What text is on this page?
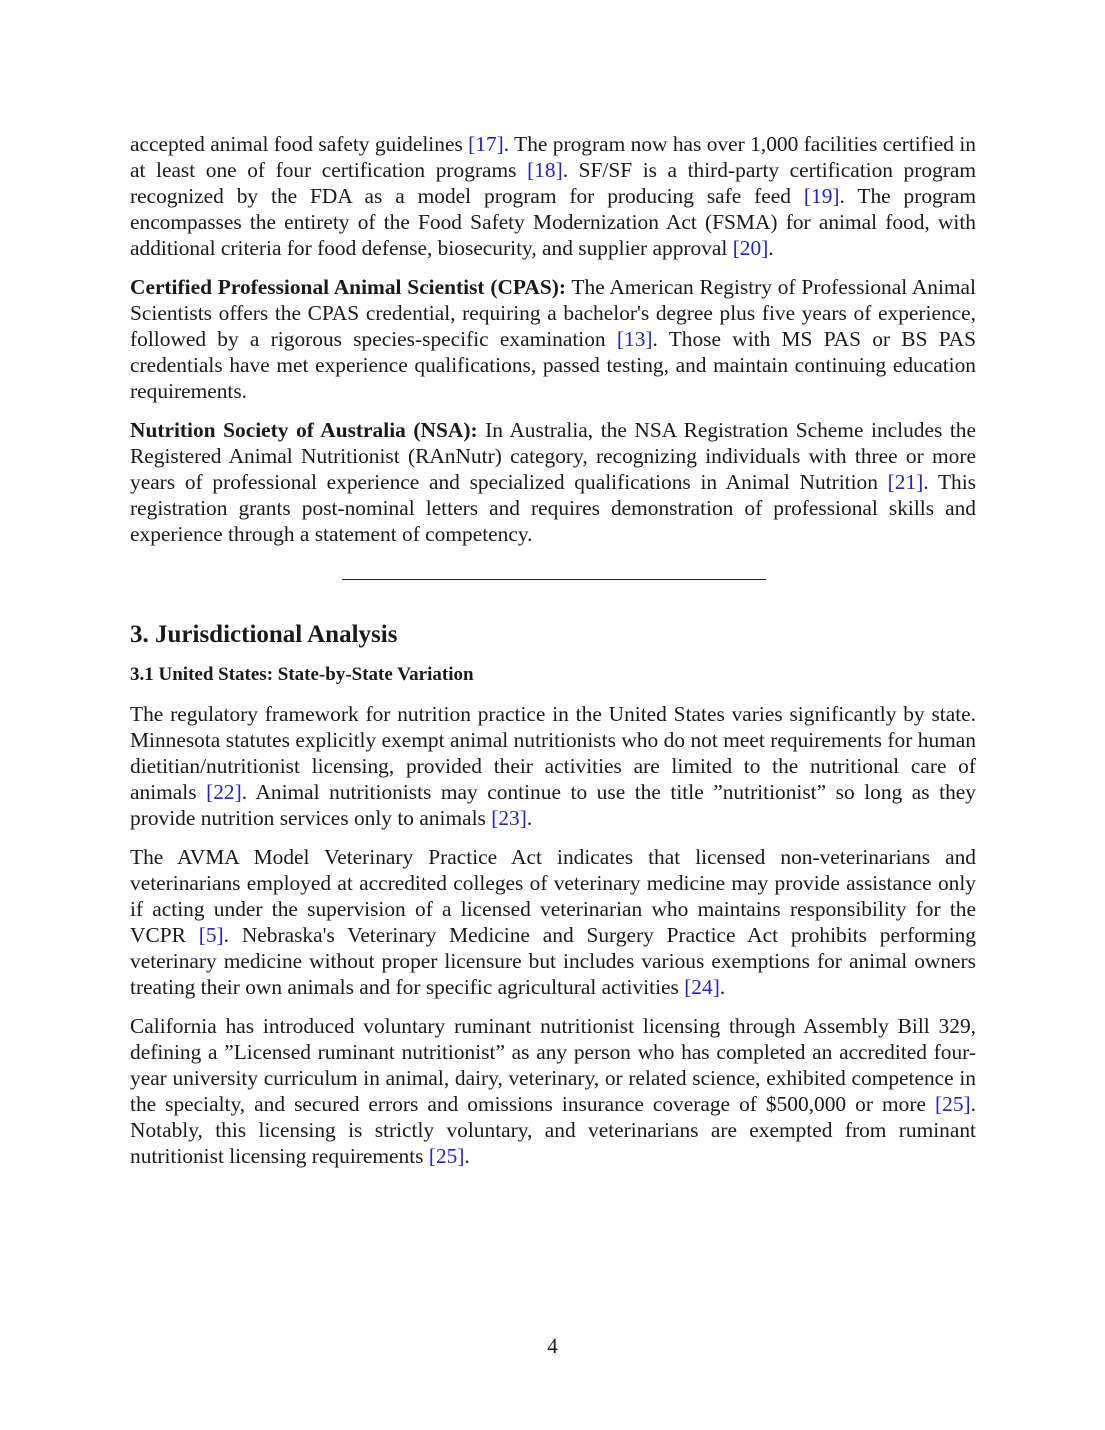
accepted animal food safety guidelines [17]. The program now has over 1,000 facilities certified in at least one of four certification programs [18]. SF/SF is a third-party certification program recognized by the FDA as a model program for producing safe feed [19]. The program encompasses the entirety of the Food Safety Modernization Act (FSMA) for animal food, with additional criteria for food defense, biosecurity, and supplier approval [20].

Certified Professional Animal Scientist (CPAS): The American Registry of Professional Animal Scientists offers the CPAS credential, requiring a bachelor's degree plus five years of experience, followed by a rigorous species-specific examination [13]. Those with MS PAS or BS PAS credentials have met experience qualifications, passed testing, and maintain continuing education requirements.

Nutrition Society of Australia (NSA): In Australia, the NSA Registration Scheme includes the Registered Animal Nutritionist (RAnNutr) category, recognizing individuals with three or more years of professional experience and specialized qualifications in Animal Nutrition [21]. This registration grants post-nominal letters and requires demonstration of professional skills and experience through a statement of competency.

3. Jurisdictional Analysis
3.1 United States: State-by-State Variation

The regulatory framework for nutrition practice in the United States varies significantly by state. Minnesota statutes explicitly exempt animal nutritionists who do not meet requirements for human dietitian/nutritionist licensing, provided their activities are limited to the nutritional care of animals [22]. Animal nutritionists may continue to use the title ”nutritionist” so long as they provide nutrition services only to animals [23].

The AVMA Model Veterinary Practice Act indicates that licensed non-veterinarians and veterinarians employed at accredited colleges of veterinary medicine may provide assistance only if acting under the supervision of a licensed veterinarian who maintains responsibility for the VCPR [5]. Nebraska's Veterinary Medicine and Surgery Practice Act prohibits performing veterinary medicine without proper licensure but includes various exemptions for animal owners treating their own animals and for specific agricultural activities [24].

California has introduced voluntary ruminant nutritionist licensing through Assembly Bill 329, defining a ”Licensed ruminant nutritionist” as any person who has completed an accredited four-year university curriculum in animal, dairy, veterinary, or related science, exhibited competence in the specialty, and secured errors and omissions insurance coverage of $500,000 or more [25]. Notably, this licensing is strictly voluntary, and veterinarians are exempted from ruminant nutritionist licensing requirements [25].

4
